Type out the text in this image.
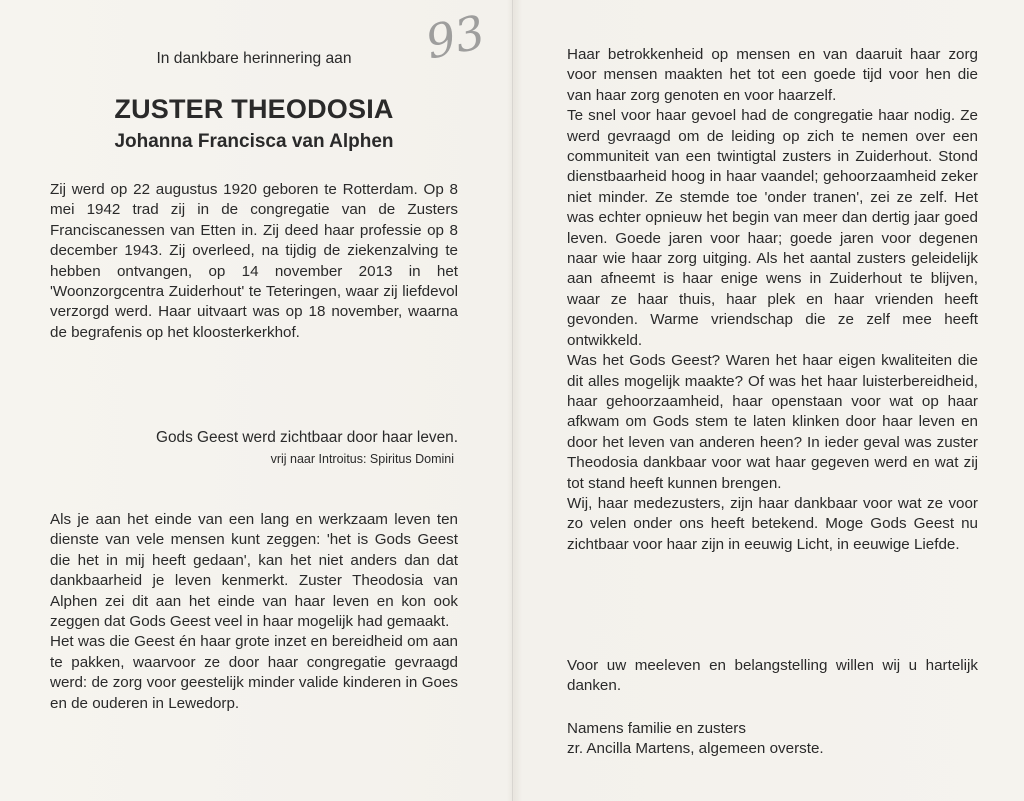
93
In dankbare herinnering aan
ZUSTER THEODOSIA
Johanna Francisca van Alphen

Zij werd op 22 augustus 1920 geboren te Rotterdam. Op 8 mei 1942 trad zij in de congregatie van de Zusters Franciscanessen van Etten in. Zij deed haar professie op 8 december 1943. Zij overleed, na tijdig de ziekenzalving te hebben ontvangen, op 14 november 2013 in het 'Woonzorgcentra Zuiderhout' te Teteringen, waar zij liefdevol verzorgd werd. Haar uitvaart was op 18 november, waarna de begrafenis op het kloosterkerkhof.

Gods Geest werd zichtbaar door haar leven.
vrij naar Introitus: Spiritus Domini

Als je aan het einde van een lang en werkzaam leven ten dienste van vele mensen kunt zeggen: 'het is Gods Geest die het in mij heeft gedaan', kan het niet anders dan dat dankbaarheid je leven kenmerkt. Zuster Theodosia van Alphen zei dit aan het einde van haar leven en kon ook zeggen dat Gods Geest veel in haar mogelijk had gemaakt.

Het was die Geest én haar grote inzet en bereidheid om aan te pakken, waarvoor ze door haar congregatie gevraagd werd: de zorg voor geestelijk minder valide kinderen in Goes en de ouderen in Lewedorp.

Haar betrokkenheid op mensen en van daaruit haar zorg voor mensen maakten het tot een goede tijd voor hen die van haar zorg genoten en voor haarzelf.

Te snel voor haar gevoel had de congregatie haar nodig. Ze werd gevraagd om de leiding op zich te nemen over een communiteit van een twintigtal zusters in Zuiderhout. Stond dienstbaarheid hoog in haar vaandel; gehoorzaamheid zeker niet minder. Ze stemde toe 'onder tranen', zei ze zelf. Het was echter opnieuw het begin van meer dan dertig jaar goed leven. Goede jaren voor haar; goede jaren voor degenen naar wie haar zorg uitging. Als het aantal zusters geleidelijk aan afneemt is haar enige wens in Zuiderhout te blijven, waar ze haar thuis, haar plek en haar vrienden heeft gevonden. Warme vriendschap die ze zelf mee heeft ontwikkeld.

Was het Gods Geest? Waren het haar eigen kwaliteiten die dit alles mogelijk maakte? Of was het haar luisterbereidheid, haar gehoorzaamheid, haar openstaan voor wat op haar afkwam om Gods stem te laten klinken door haar leven en door het leven van anderen heen? In ieder geval was zuster Theodosia dankbaar voor wat haar gegeven werd en wat zij tot stand heeft kunnen brengen.

Wij, haar medezusters, zijn haar dankbaar voor wat ze voor zo velen onder ons heeft betekend. Moge Gods Geest nu zichtbaar voor haar zijn in eeuwig Licht, in eeuwige Liefde.

Voor uw meeleven en belangstelling willen wij u hartelijk danken.

Namens familie en zusters

zr. Ancilla Martens, algemeen overste.
